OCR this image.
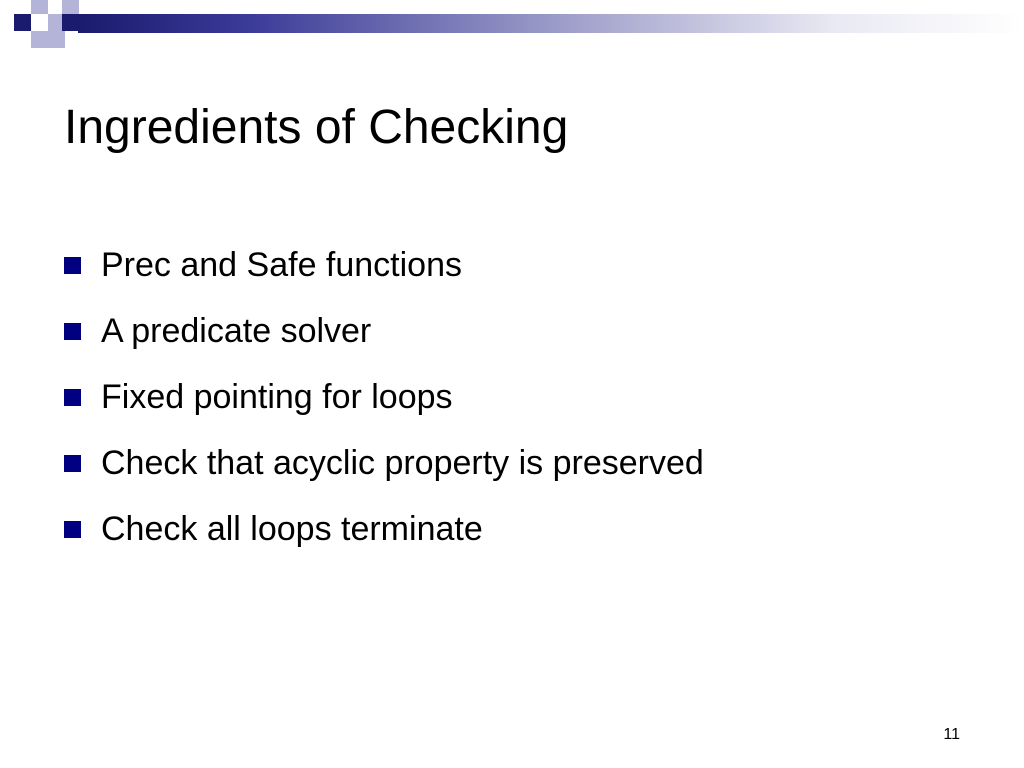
Ingredients of Checking
Prec and Safe functions
A predicate solver
Fixed pointing for loops
Check that acyclic property is preserved
Check all loops terminate
11
